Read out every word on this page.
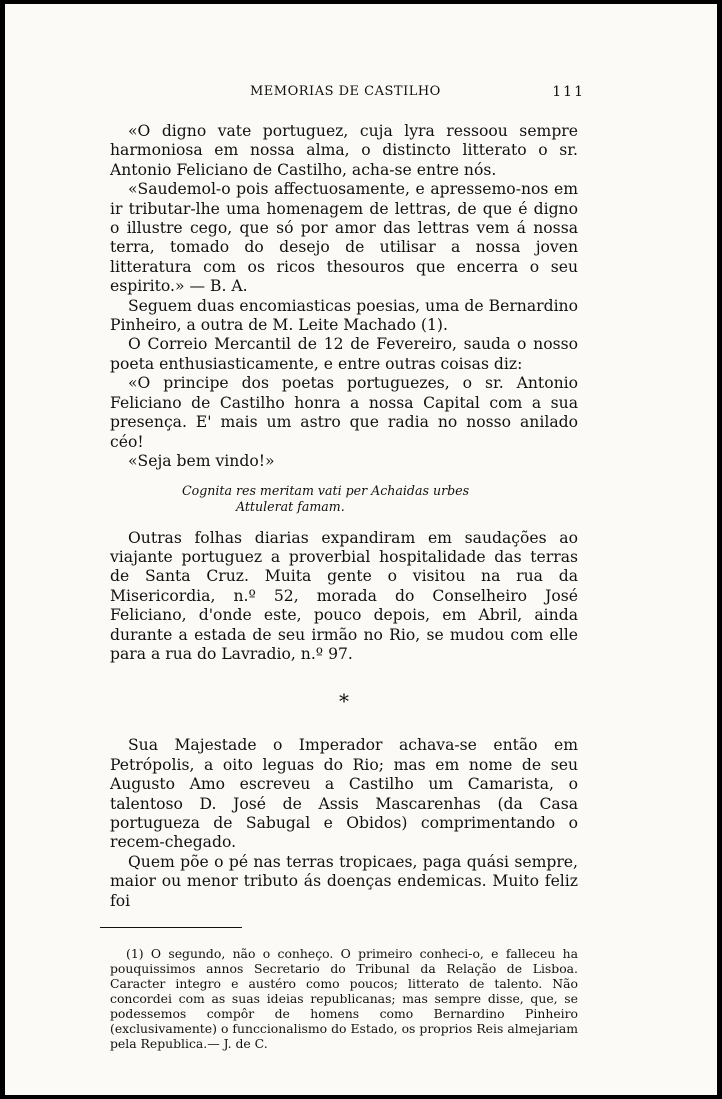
MEMORIAS DE CASTILHO	111

«O digno vate portuguez, cuja lyra ressoou sempre harmoniosa em nossa alma, o distincto litterato o sr. Antonio Feliciano de Castilho, acha-se entre nós.

«Saudemol-o pois affectuosamente, e apressemo-nos em ir tributar-lhe uma homenagem de lettras, de que é digno o illustre cego, que só por amor das lettras vem á nossa terra, tomado do desejo de utilisar a nossa joven litteratura com os ricos thesouros que encerra o seu espirito.» — B. A.

Seguem duas encomiasticas poesias, uma de Bernardino Pinheiro, a outra de M. Leite Machado (1).

O Correio Mercantil de 12 de Fevereiro, sauda o nosso poeta enthusiasticamente, e entre outras coisas diz:

«O principe dos poetas portuguezes, o sr. Antonio Feliciano de Castilho honra a nossa Capital com a sua presença. E' mais um astro que radia no nosso anilado céo!

«Seja bem vindo!»

Cognita res meritam vati per Achaidas urbes
Attulerat famam.

Outras folhas diarias expandiram em saudações ao viajante portuguez a proverbial hospitalidade das terras de Santa Cruz. Muita gente o visitou na rua da Misericordia, n.º 52, morada do Conselheiro José Feliciano, d'onde este, pouco depois, em Abril, ainda durante a estada de seu irmão no Rio, se mudou com elle para a rua do Lavradio, n.º 97.

*

Sua Majestade o Imperador achava-se então em Petrópolis, a oito leguas do Rio; mas em nome de seu Augusto Amo escreveu a Castilho um Camarista, o talentoso D. José de Assis Mascarenhas (da Casa portugueza de Sabugal e Obidos) comprimentando o recem-chegado.

Quem põe o pé nas terras tropicaes, paga quási sempre, maior ou menor tributo ás doenças endemicas. Muito feliz foi

(1) O segundo, não o conheço. O primeiro conheci-o, e falleceu ha pouquissimos annos Secretario do Tribunal da Relação de Lisboa. Caracter integro e austéro como poucos; litterato de talento. Não concordei com as suas ideias republicanas; mas sempre disse, que, se podessemos compôr de homens como Bernardino Pinheiro (exclusivamente) o funccionalismo do Estado, os proprios Reis almejariam pela Republica.— J. de C.
